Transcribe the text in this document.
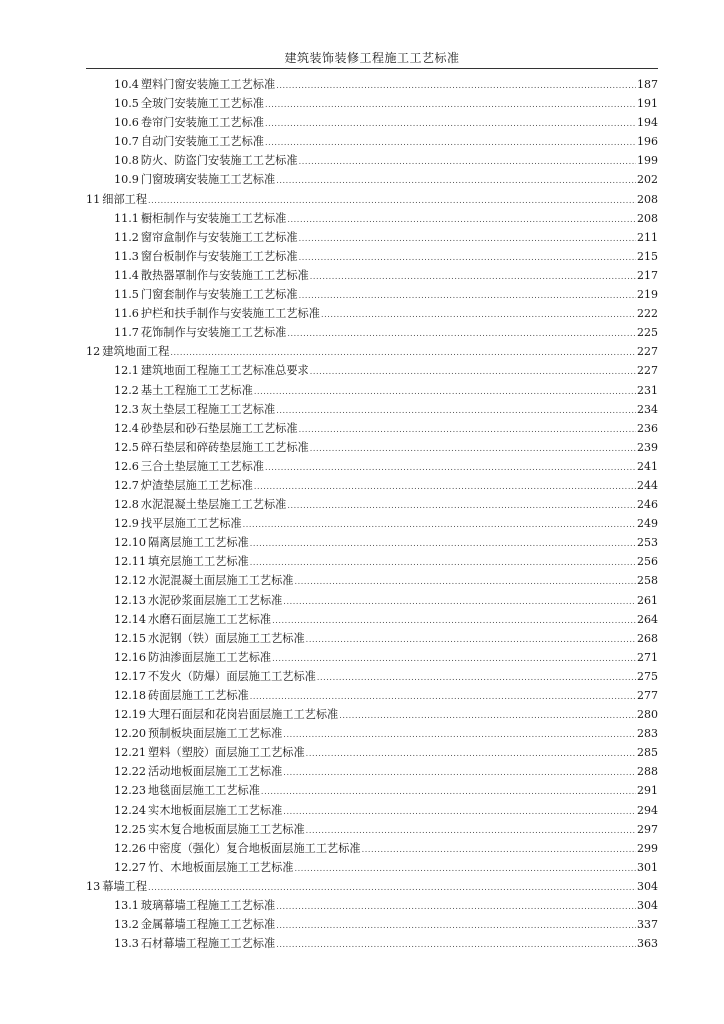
建筑装饰装修工程施工工艺标准
10.4 塑料门窗安装施工工艺标准 .....	187
10.5 全玻门安装施工工艺标准 .....	191
10.6 卷帘门安装施工工艺标准 .....	194
10.7 自动门安装施工工艺标准 .....	196
10.8 防火、防盗门安装施工工艺标准 .....	199
10.9 门窗玻璃安装施工工艺标准 .....	202
11 细部工程 .....	208
11.1 橱柜制作与安装施工工艺标准 .....	208
11.2 窗帘盒制作与安装施工工艺标准 .....	211
11.3 窗台板制作与安装施工工艺标准 .....	215
11.4 散热器罩制作与安装施工工艺标准 .....	217
11.5 门窗套制作与安装施工工艺标准 .....	219
11.6 护栏和扶手制作与安装施工工艺标准 .....	222
11.7 花饰制作与安装施工工艺标准 .....	225
12 建筑地面工程 .....	227
12.1 建筑地面工程施工工艺标准总要求 .....	227
12.2 基土工程施工工艺标准 .....	231
12.3 灰土垫层工程施工工艺标准 .....	234
12.4 砂垫层和砂石垫层施工工艺标准 .....	236
12.5 碎石垫层和碎砖垫层施工工艺标准 .....	239
12.6 三合土垫层施工工艺标准 .....	241
12.7 炉渣垫层施工工艺标准 .....	244
12.8 水泥混凝土垫层施工工艺标准 .....	246
12.9 找平层施工工艺标准 .....	249
12.10 隔离层施工工艺标准 .....	253
12.11 填充层施工工艺标准 .....	256
12.12 水泥混凝土面层施工工艺标准 .....	258
12.13 水泥砂浆面层施工工艺标准 .....	261
12.14 水磨石面层施工工艺标准 .....	264
12.15 水泥钢（铁）面层施工工艺标准 .....	268
12.16 防油渗面层施工工艺标准 .....	271
12.17 不发火（防爆）面层施工工艺标准 .....	275
12.18 砖面层施工工艺标准 .....	277
12.19 大理石面层和花岗岩面层施工工艺标准 .....	280
12.20 预制板块面层施工工艺标准 .....	283
12.21 塑料（塑胶）面层施工工艺标准 .....	285
12.22 活动地板面层施工工艺标准 .....	288
12.23 地毯面层施工工艺标准 .....	291
12.24 实木地板面层施工工艺标准 .....	294
12.25 实木复合地板面层施工工艺标准 .....	297
12.26 中密度（强化）复合地板面层施工工艺标准 .....	299
12.27 竹、木地板面层施工工艺标准 .....	301
13 幕墙工程 .....	304
13.1 玻璃幕墙工程施工工艺标准 .....	304
13.2 金属幕墙工程施工工艺标准 .....	337
13.3 石材幕墙工程施工工艺标准 .....	363
